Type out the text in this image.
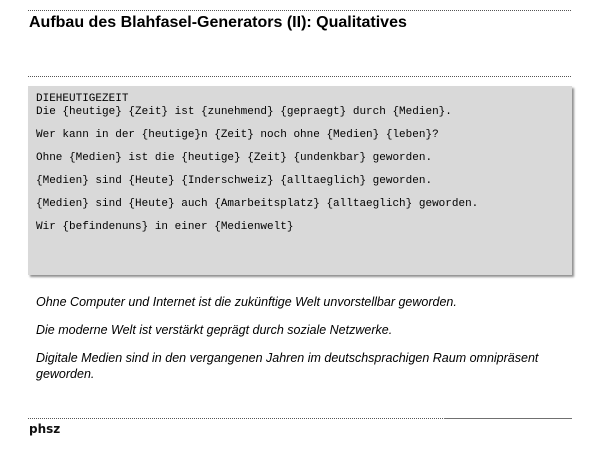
Aufbau des Blahfasel-Generators (II): Qualitatives
DIEHEUTIGEZEIT
Die {heutige} {Zeit} ist {zunehmend} {gepraegt} durch {Medien}.
Wer kann in der {heutige}n {Zeit} noch ohne {Medien} {leben}?
Ohne {Medien} ist die {heutige} {Zeit} {undenkbar} geworden.
{Medien} sind {Heute} {Inderschweiz} {alltaeglich} geworden.
{Medien} sind {Heute} auch {Amarbeitsplatz} {alltaeglich} geworden.
Wir {befindenuns} in einer {Medienwelt}
Ohne Computer und Internet ist die zukünftige Welt unvorstellbar geworden.
Die moderne Welt ist verstärkt geprägt durch soziale Netzwerke.
Digitale Medien sind in den vergangenen Jahren im deutschsprachigen Raum omnipräsent geworden.
phsz
